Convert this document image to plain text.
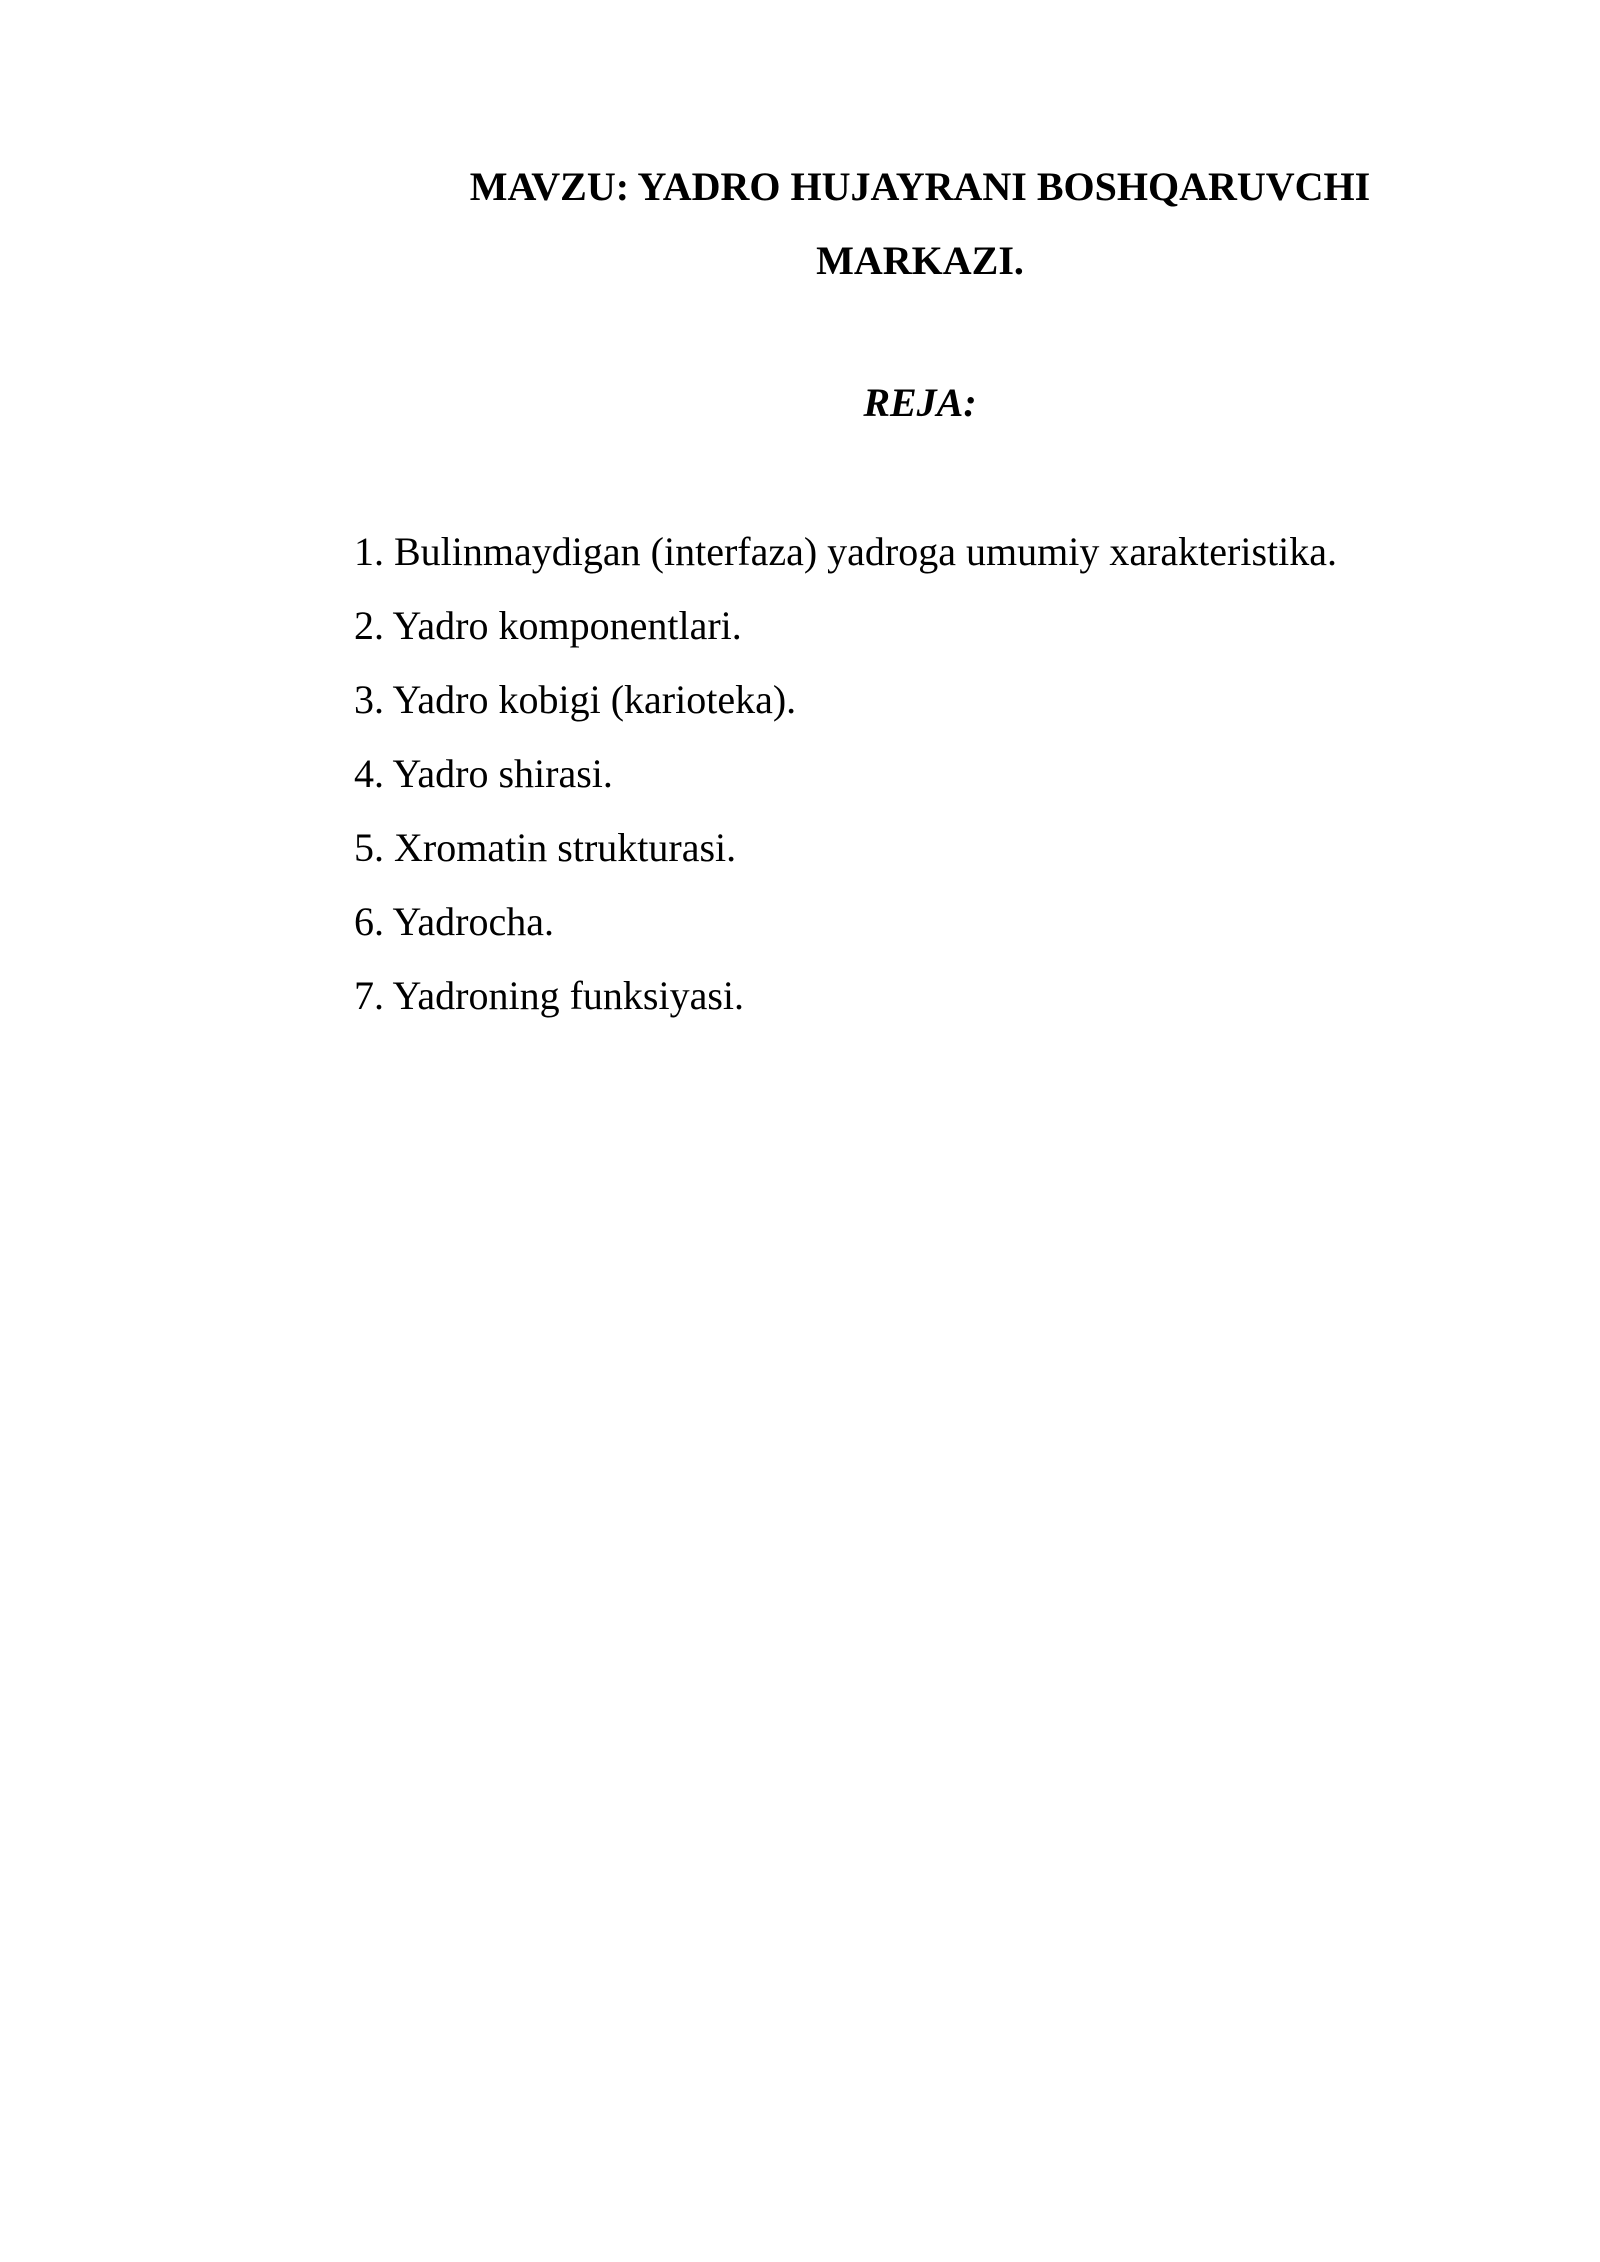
MAVZU: YADRO HUJAYRANI BOSHQARUVCHI
MARKAZI.
REJA:
1. Bulinmaydigan (interfaza) yadroga umumiy xarakteristika.
2. Yadro komponentlari.
3. Yadro kobigi (karioteka).
4. Yadro shirasi.
5. Xromatin strukturasi.
6. Yadrocha.
7. Yadroning funksiyasi.
